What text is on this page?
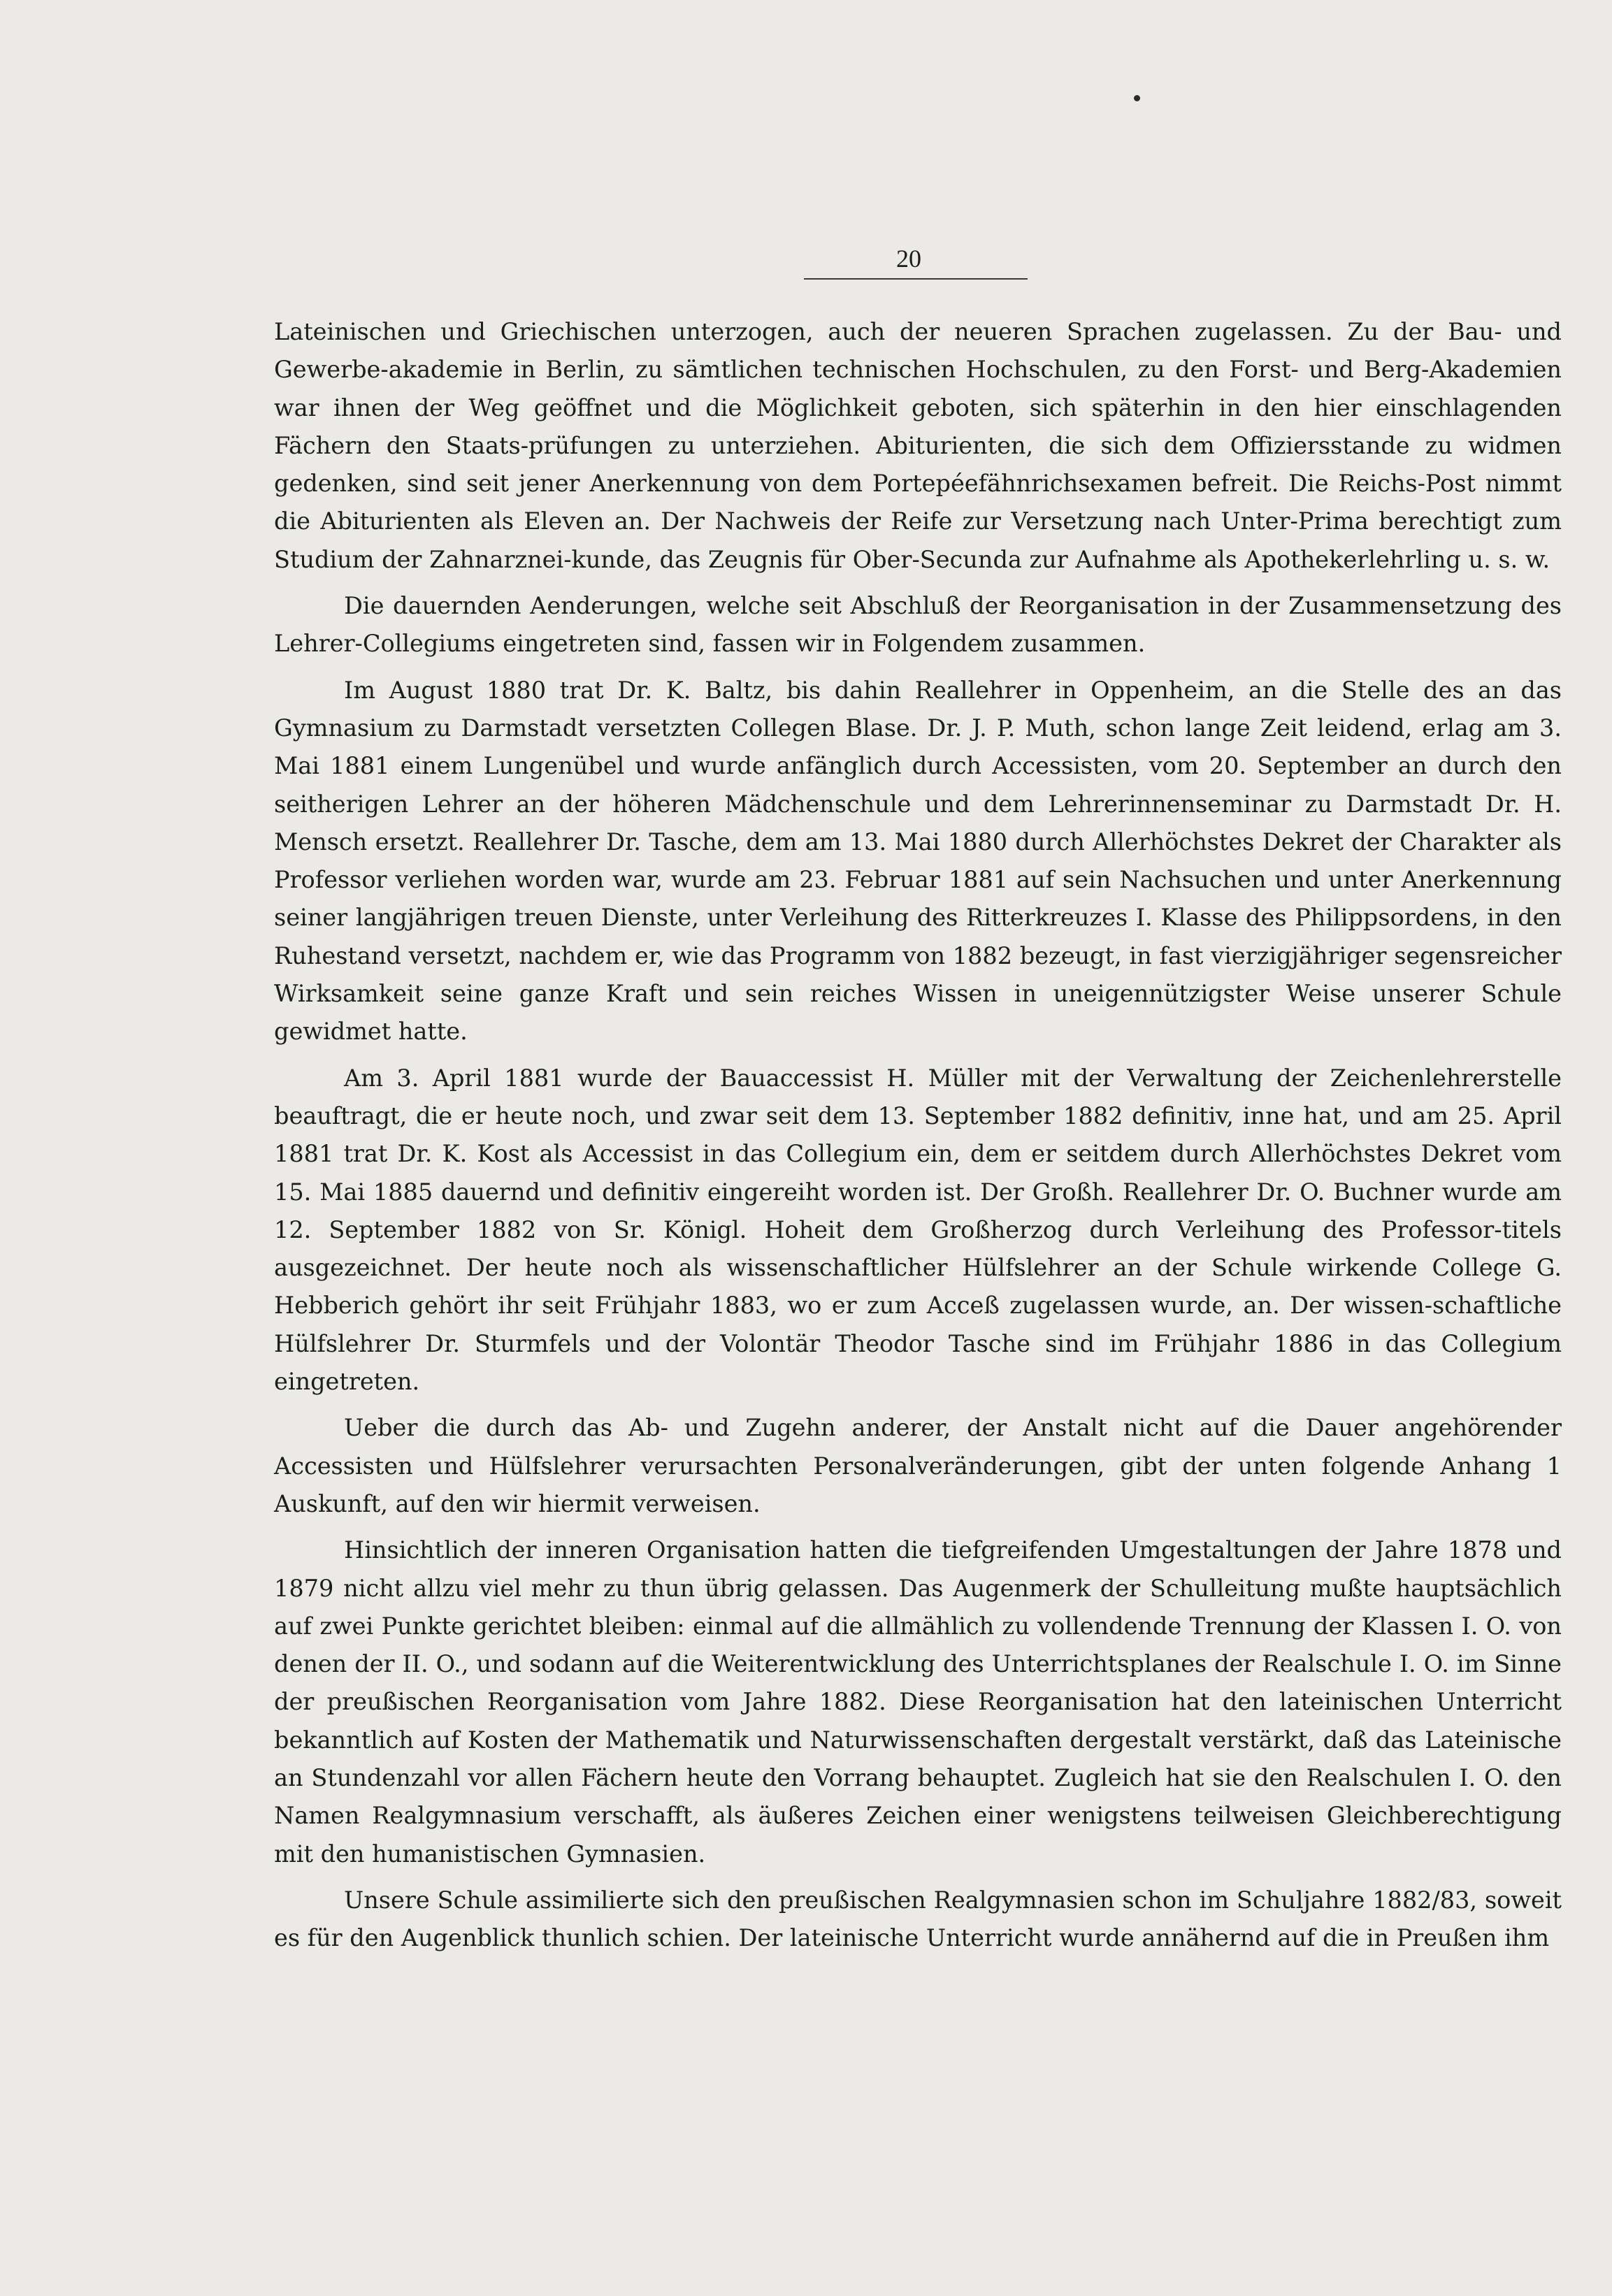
20

Lateinischen und Griechischen unterzogen, auch der neueren Sprachen zugelassen. Zu der Bau- und Gewerbe-akademie in Berlin, zu sämtlichen technischen Hochschulen, zu den Forst- und Berg-Akademien war ihnen der Weg geöffnet und die Möglichkeit geboten, sich späterhin in den hier einschlagenden Fächern den Staats-prüfungen zu unterziehen. Abiturienten, die sich dem Offiziersstande zu widmen gedenken, sind seit jener Anerkennung von dem Portepéefähnrichsexamen befreit. Die Reichs-Post nimmt die Abiturienten als Eleven an. Der Nachweis der Reife zur Versetzung nach Unter-Prima berechtigt zum Studium der Zahnarznei-kunde, das Zeugnis für Ober-Secunda zur Aufnahme als Apothekerlehrling u. s. w.

Die dauernden Aenderungen, welche seit Abschluß der Reorganisation in der Zusammensetzung des Lehrer-Collegiums eingetreten sind, fassen wir in Folgendem zusammen.

Im August 1880 trat Dr. K. Baltz, bis dahin Reallehrer in Oppenheim, an die Stelle des an das Gymnasium zu Darmstadt versetzten Collegen Blase. Dr. J. P. Muth, schon lange Zeit leidend, erlag am 3. Mai 1881 einem Lungenübel und wurde anfänglich durch Accessisten, vom 20. September an durch den seitherigen Lehrer an der höheren Mädchenschule und dem Lehrerinnenseminar zu Darmstadt Dr. H. Mensch ersetzt. Reallehrer Dr. Tasche, dem am 13. Mai 1880 durch Allerhöchstes Dekret der Charakter als Professor verliehen worden war, wurde am 23. Februar 1881 auf sein Nachsuchen und unter Anerkennung seiner langjährigen treuen Dienste, unter Verleihung des Ritterkreuzes I. Klasse des Philippsordens, in den Ruhestand versetzt, nachdem er, wie das Programm von 1882 bezeugt, in fast vierzigjähriger segensreicher Wirksamkeit seine ganze Kraft und sein reiches Wissen in uneigennützigster Weise unserer Schule gewidmet hatte.

Am 3. April 1881 wurde der Bauaccessist H. Müller mit der Verwaltung der Zeichenlehrerstelle beauftragt, die er heute noch, und zwar seit dem 13. September 1882 definitiv, inne hat, und am 25. April 1881 trat Dr. K. Kost als Accessist in das Collegium ein, dem er seitdem durch Allerhöchstes Dekret vom 15. Mai 1885 dauernd und definitiv eingereiht worden ist. Der Großh. Reallehrer Dr. O. Buchner wurde am 12. September 1882 von Sr. Königl. Hoheit dem Großherzog durch Verleihung des Professor-titels ausgezeichnet. Der heute noch als wissenschaftlicher Hülfslehrer an der Schule wirkende College G. Hebberich gehört ihr seit Frühjahr 1883, wo er zum Acceß zugelassen wurde, an. Der wissen-schaftliche Hülfslehrer Dr. Sturmfels und der Volontär Theodor Tasche sind im Frühjahr 1886 in das Collegium eingetreten.

Ueber die durch das Ab- und Zugehn anderer, der Anstalt nicht auf die Dauer angehörender Accessisten und Hülfslehrer verursachten Personalveränderungen, gibt der unten folgende Anhang 1 Auskunft, auf den wir hiermit verweisen.

Hinsichtlich der inneren Organisation hatten die tiefgreifenden Umgestaltungen der Jahre 1878 und 1879 nicht allzu viel mehr zu thun übrig gelassen. Das Augenmerk der Schulleitung mußte hauptsächlich auf zwei Punkte gerichtet bleiben: einmal auf die allmählich zu vollendende Trennung der Klassen I. O. von denen der II. O., und sodann auf die Weiterentwicklung des Unterrichtsplanes der Realschule I. O. im Sinne der preußischen Reorganisation vom Jahre 1882. Diese Reorganisation hat den lateinischen Unterricht bekanntlich auf Kosten der Mathematik und Naturwissenschaften dergestalt verstärkt, daß das Lateinische an Stundenzahl vor allen Fächern heute den Vorrang behauptet. Zugleich hat sie den Realschulen I. O. den Namen Realgymnasium verschafft, als äußeres Zeichen einer wenigstens teilweisen Gleichberechtigung mit den humanistischen Gymnasien.

Unsere Schule assimilierte sich den preußischen Realgymnasien schon im Schuljahre 1882/83, soweit es für den Augenblick thunlich schien. Der lateinische Unterricht wurde annähernd auf die in Preußen ihm
